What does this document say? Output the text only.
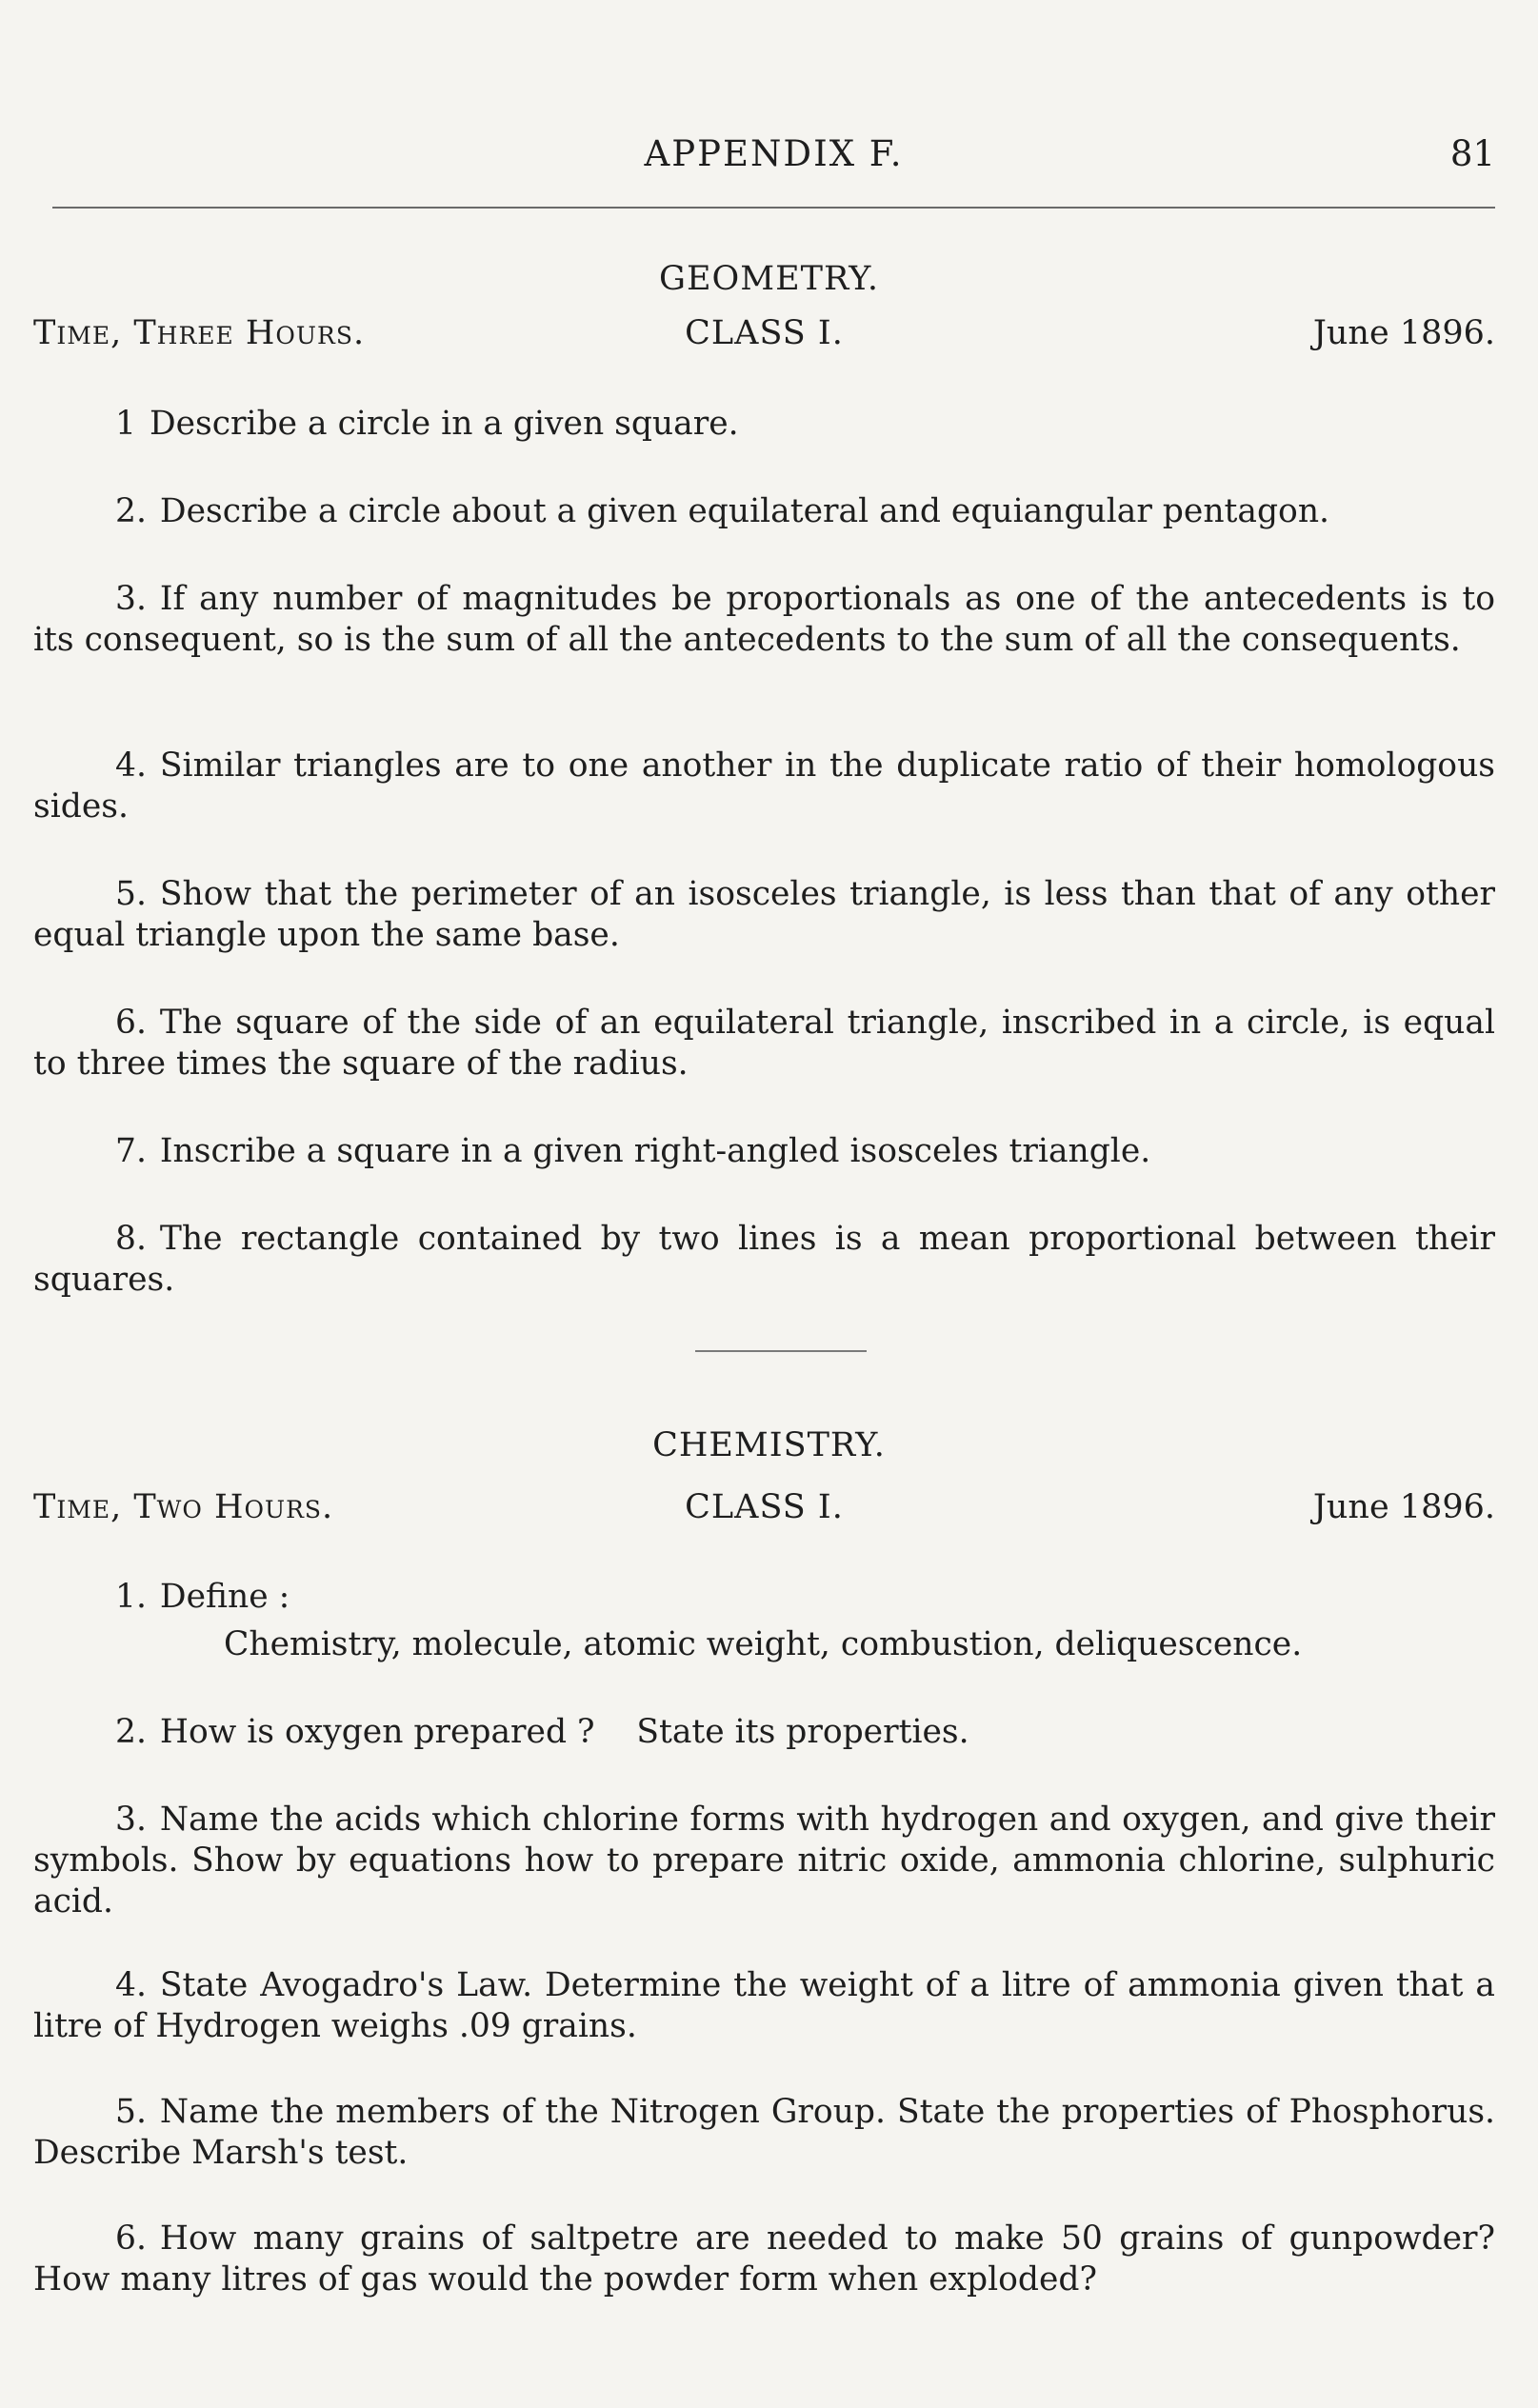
APPENDIX F.	81
GEOMETRY.
Time, Three Hours.	CLASS I.	June 1896.
1 Describe a circle in a given square.
2. Describe a circle about a given equilateral and equiangular pentagon.
3. If any number of magnitudes be proportionals as one of the antecedents is to its consequent, so is the sum of all the antecedents to the sum of all the consequents.
4. Similar triangles are to one another in the duplicate ratio of their homologous sides.
5. Show that the perimeter of an isosceles triangle, is less than that of any other equal triangle upon the same base.
6. The square of the side of an equilateral triangle, inscribed in a circle, is equal to three times the square of the radius.
7. Inscribe a square in a given right-angled isosceles triangle.
8. The rectangle contained by two lines is a mean proportional between their squares.
CHEMISTRY.
Time, Two Hours.	CLASS I.	June 1896.
1. Define :
Chemistry, molecule, atomic weight, combustion, deliquescence.
2. How is oxygen prepared ?    State its properties.
3. Name the acids which chlorine forms with hydrogen and oxygen, and give their symbols. Show by equations how to prepare nitric oxide, ammonia chlorine, sulphuric acid.
4. State Avogadro's Law. Determine the weight of a litre of ammonia given that a litre of Hydrogen weighs .09 grains.
5. Name the members of the Nitrogen Group. State the properties of Phosphorus. Describe Marsh's test.
6. How many grains of saltpetre are needed to make 50 grains of gunpowder? How many litres of gas would the powder form when exploded?
